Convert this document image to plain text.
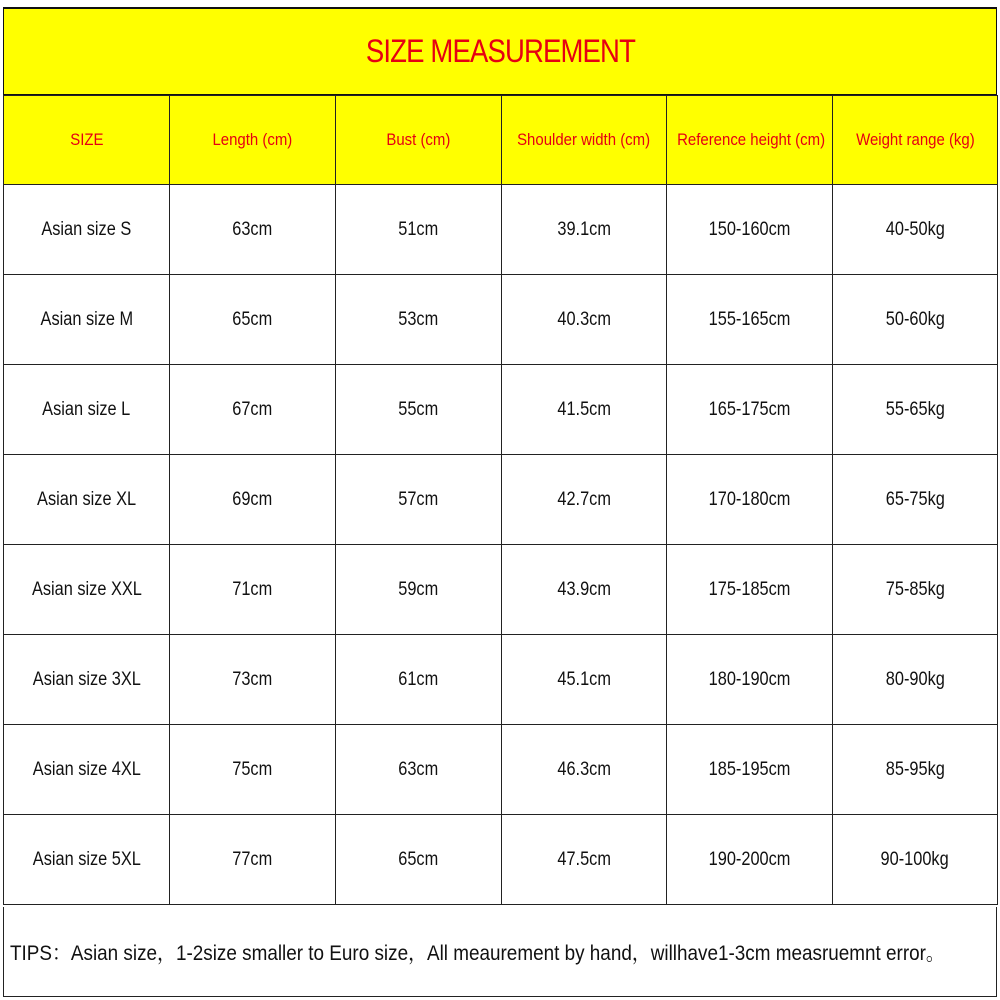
SIZE MEASUREMENT
SIZE	Length (cm)	Bust (cm)	Shoulder width (cm)	Reference height (cm)	Weight range (kg)
Asian size S	63cm	51cm	39.1cm	150-160cm	40-50kg
Asian size M	65cm	53cm	40.3cm	155-165cm	50-60kg
Asian size L	67cm	55cm	41.5cm	165-175cm	55-65kg
Asian size XL	69cm	57cm	42.7cm	170-180cm	65-75kg
Asian size XXL	71cm	59cm	43.9cm	175-185cm	75-85kg
Asian size 3XL	73cm	61cm	45.1cm	180-190cm	80-90kg
Asian size 4XL	75cm	63cm	46.3cm	185-195cm	85-95kg
Asian size 5XL	77cm	65cm	47.5cm	190-200cm	90-100kg
TIPS：Asian size，1-2size smaller to Euro size，All meaurement by hand，willhave1-3cm measruemnt error。
